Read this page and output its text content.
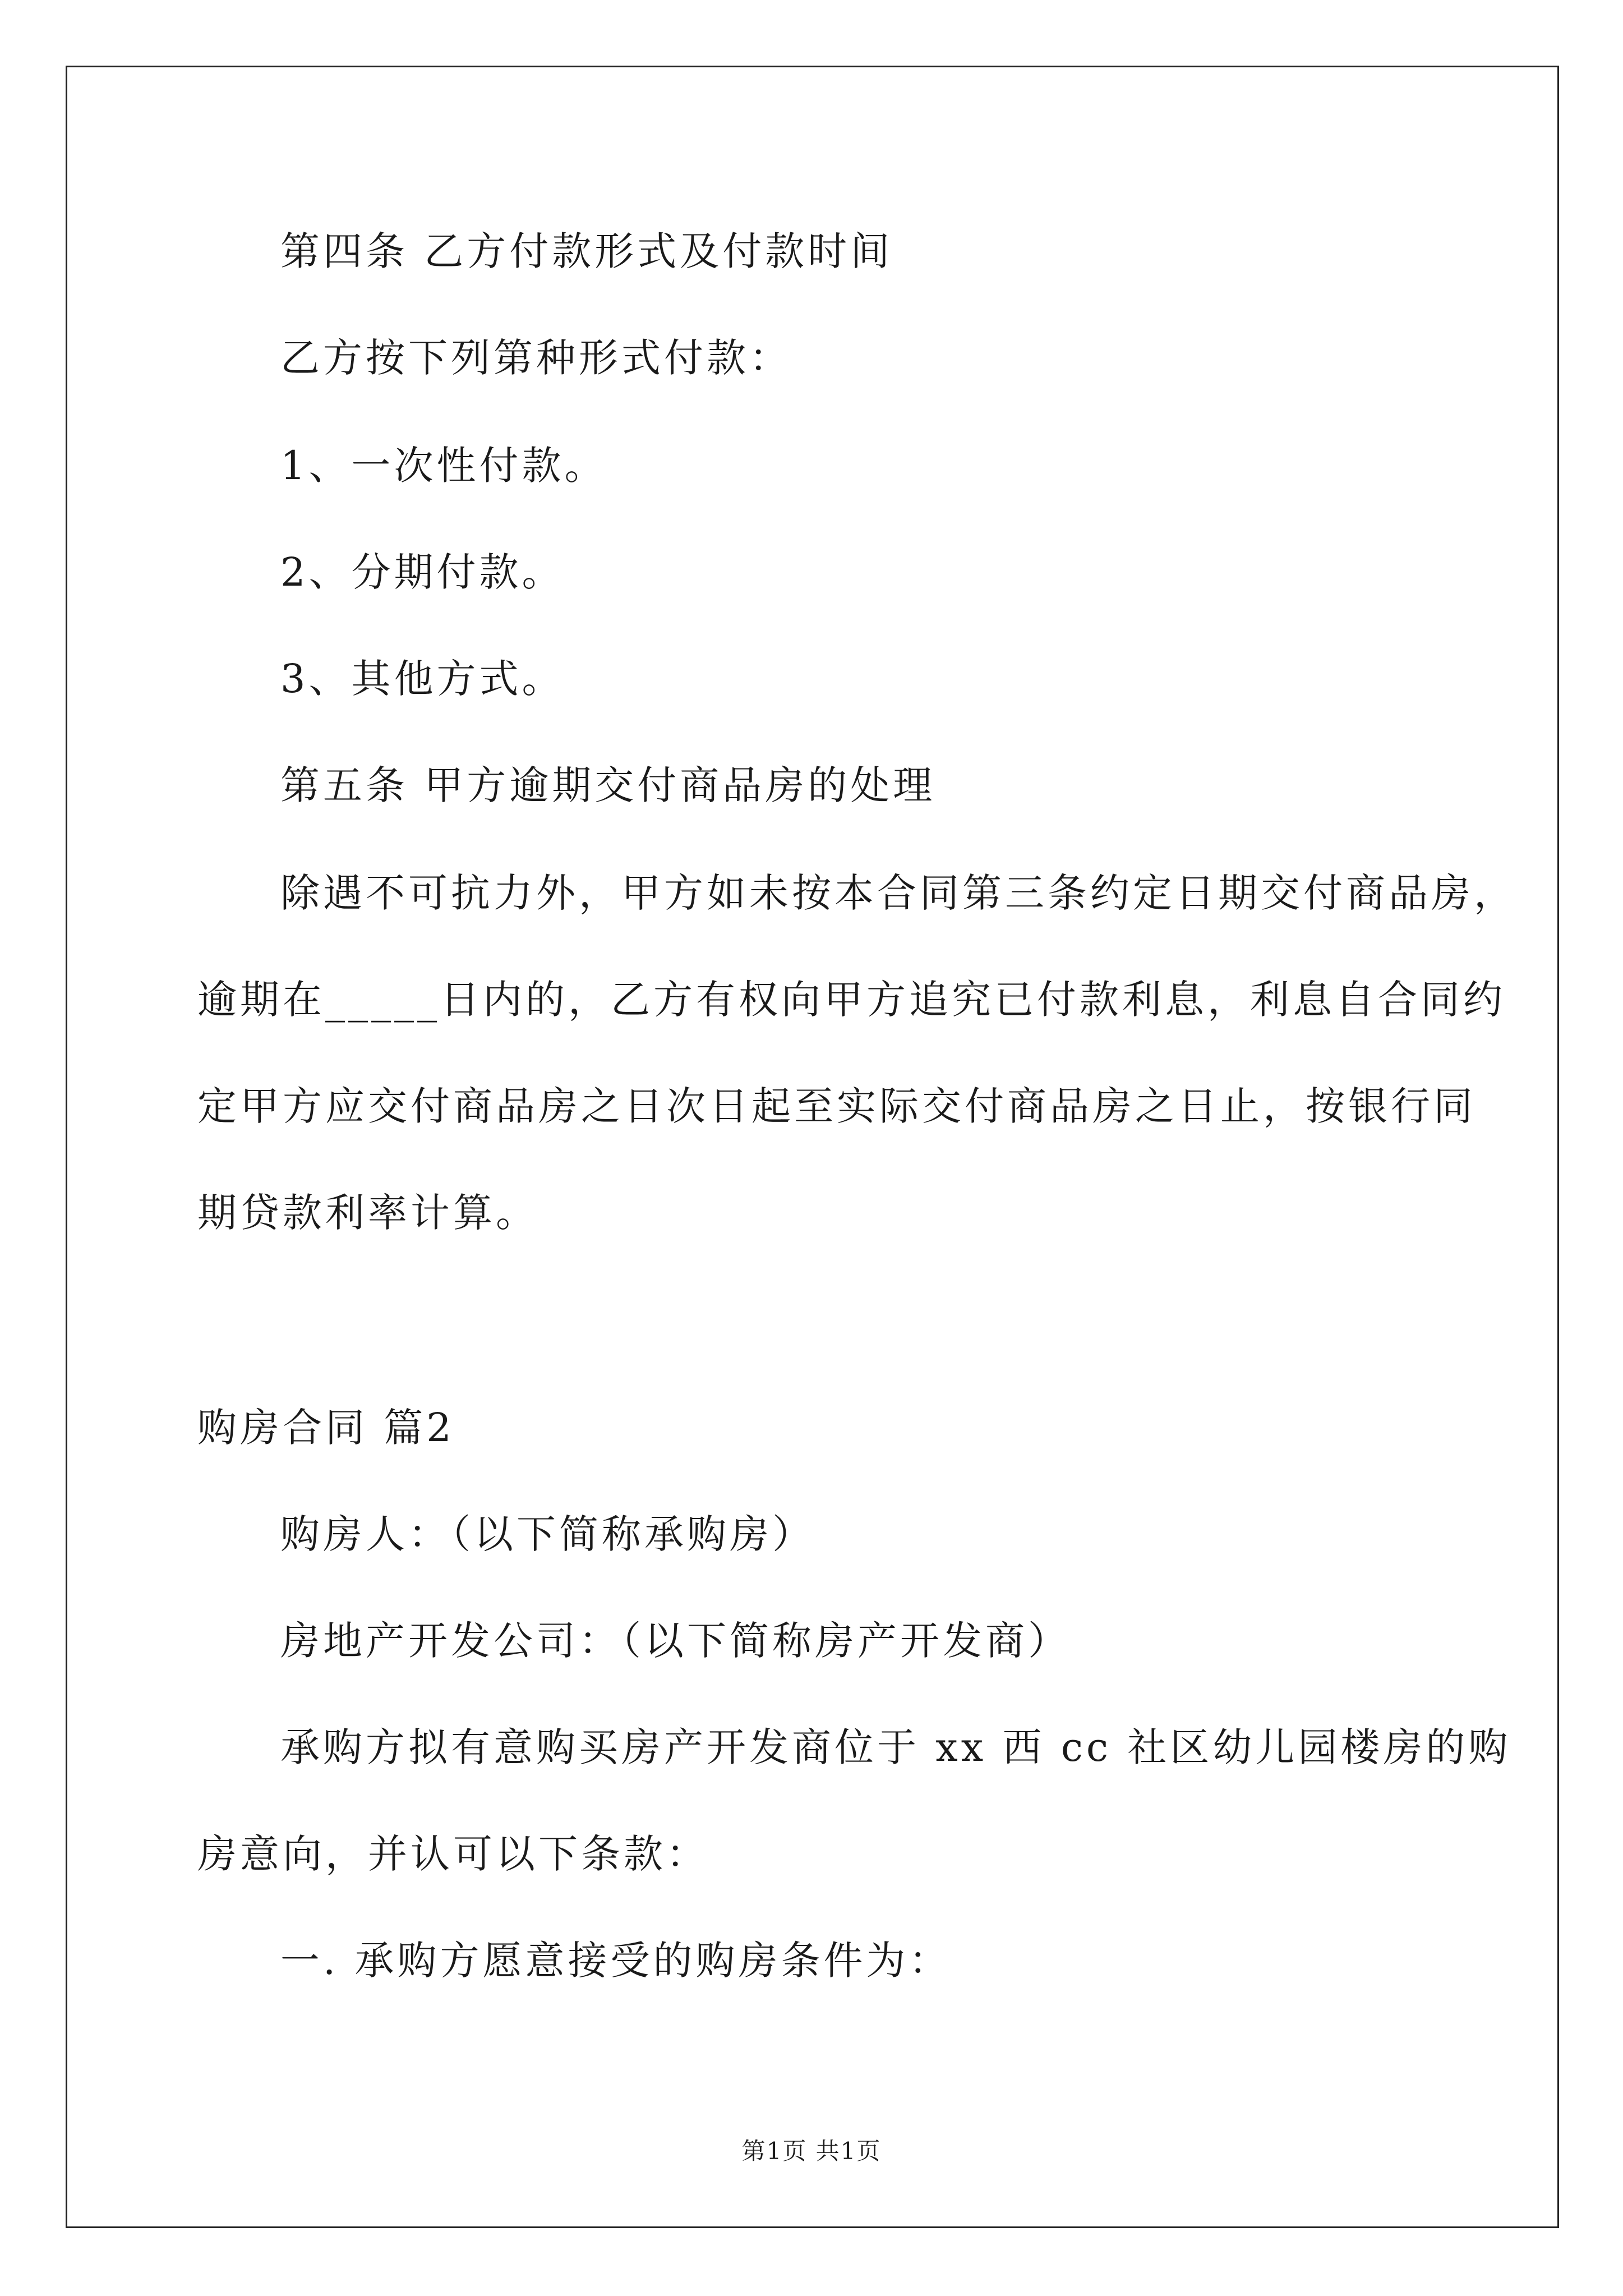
第四条 乙方付款形式及付款时间
乙方按下列第种形式付款：
1、一次性付款。
2、分期付款。
3、其他方式。
第五条 甲方逾期交付商品房的处理
除遇不可抗力外，甲方如未按本合同第三条约定日期交付商品房，
逾期在_____日内的，乙方有权向甲方追究已付款利息，利息自合同约
定甲方应交付商品房之日次日起至实际交付商品房之日止，按银行同
期贷款利率计算。
购房合同 篇2
购房人：（以下简称承购房）
房地产开发公司：（以下简称房产开发商）
承购方拟有意购买房产开发商位于 xx 西 cc 社区幼儿园楼房的购
房意向，并认可以下条款：
一. 承购方愿意接受的购房条件为：
第1页 共1页
